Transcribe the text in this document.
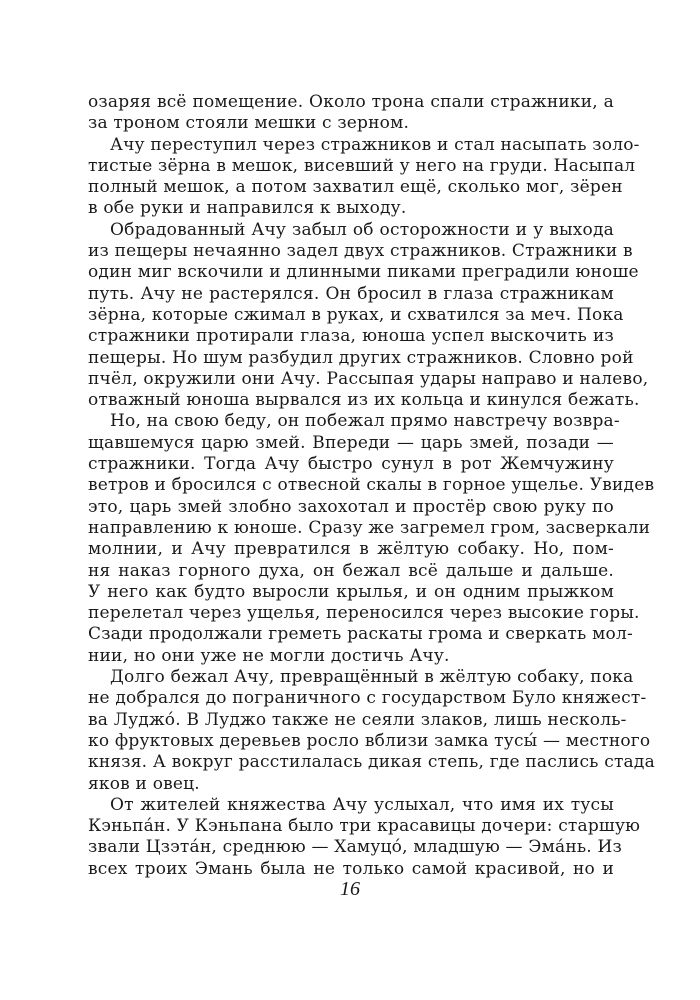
озаряя всё помещение. Около трона спали стражники, а
за троном стояли мешки с зерном.
Ачу переступил через стражников и стал насыпать золо-
тистые зёрна в мешок, висевший у него на груди. Насыпал
полный мешок, а потом захватил ещё, сколько мог, зёрен
в обе руки и направился к выходу.
Обрадованный Ачу забыл об осторожности и у выхода
из пещеры нечаянно задел двух стражников. Стражники в
один миг вскочили и длинными пиками преградили юноше
путь. Ачу не растерялся. Он бросил в глаза стражникам
зёрна, которые сжимал в руках, и схватился за меч. Пока
стражники протирали глаза, юноша успел выскочить из
пещеры. Но шум разбудил других стражников. Словно рой
пчёл, окружили они Ачу. Рассыпая удары направо и налево,
отважный юноша вырвался из их кольца и кинулся бежать.
Но, на свою беду, он побежал прямо навстречу возвра-
щавшемуся царю змей. Впереди — царь змей, позади —
стражники. Тогда Ачу быстро сунул в рот Жемчужину
ветров и бросился с отвесной скалы в горное ущелье. Увидев
это, царь змей злобно захохотал и простёр свою руку по
направлению к юноше. Сразу же загремел гром, засверкали
молнии, и Ачу превратился в жёлтую собаку. Но, пом-
ня наказ горного духа, он бежал всё дальше и дальше.
У него как будто выросли крылья, и он одним прыжком
перелетал через ущелья, переносился через высокие горы.
Сзади продолжали греметь раскаты грома и сверкать мол-
нии, но они уже не могли достичь Ачу.
Долго бежал Ачу, превращённый в жёлтую собаку, пока
не добрался до пограничного с государством Було княжест-
ва Луджо́. В Луджо также не сеяли злаков, лишь несколь-
ко фруктовых деревьев росло вблизи замка тусы́ — местного
князя. А вокруг расстилалась дикая степь, где паслись стада
яков и овец.
От жителей княжества Ачу услыхал, что имя их тусы
Кэньпа́н. У Кэньпана было три красавицы дочери: старшую
звали Цзэта́н, среднюю — Хамуцо́, младшую — Эма́нь. Из
всех троих Эмань была не только самой красивой, но и
16
